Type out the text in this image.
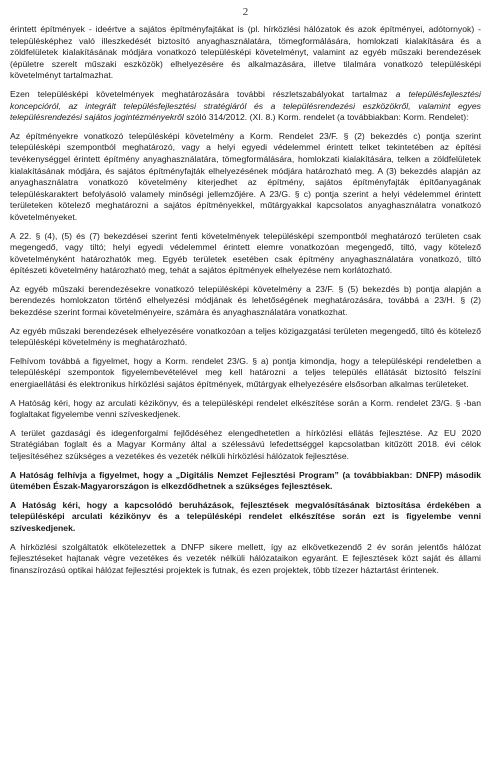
2

érintett építmények - ideértve a sajátos építményfajtákat is (pl. hírközlési hálózatok és azok építményei, adótornyok) - településképhez való illeszkedését biztosító anyaghasználatára, tömegformálására, homlokzati kialakítására és a zöldfelületek kialakításának módjára vonatkozó településképi követelményt, valamint az egyéb műszaki berendezések (épületre szerelt műszaki eszközök) elhelyezésére és alkalmazására, illetve tilalmára vonatkozó településképi követelményt tartalmazhat.

Ezen településképi követelmények meghatározására további részletszabályokat tartalmaz a településfejlesztési koncepcióról, az integrált településfejlesztési stratégiáról és a településrendezési eszközökről, valamint egyes településrendezési sajátos jogintézményekről szóló 314/2012. (XI. 8.) Korm. rendelet (a továbbiakban: Korm. Rendelet):

Az építményekre vonatkozó településképi követelmény a Korm. Rendelet 23/F. § (2) bekezdés c) pontja szerint településképi szempontból meghatározó, vagy a helyi egyedi védelemmel érintett telket tekintetében az építési tevékenységgel érintett építmény anyaghasználatára, tömegformálására, homlokzati kialakítására, telken a zöldfelületek kialakításának módjára, és sajátos építményfajták elhelyezésének módjára határozható meg. A (3) bekezdés alapján az anyaghasználatra vonatkozó követelmény kiterjedhet az építmény, sajátos építményfajták építőanyagának településkaraktert befolyásoló valamely minőségi jellemzőjére. A 23/G. § c) pontja szerint a helyi védelemmel érintett területeken kötelező meghatározni a sajátos építményekkel, műtárgyakkal kapcsolatos anyaghasználatra vonatkozó követelményeket.

A 22. § (4), (5) és (7) bekezdései szerint fenti követelmények településképi szempontból meghatározó területen csak megengedő, vagy tiltó; helyi egyedi védelemmel érintett elemre vonatkozóan megengedő, tiltó, vagy kötelező követelményként határozhatók meg. Egyéb területek esetében csak építmény anyaghasználatára vonatkozó, tiltó építészeti követelmény határozható meg, tehát a sajátos építmények elhelyezése nem korlátozható.

Az egyéb műszaki berendezésekre vonatkozó településképi követelmény a 23/F. § (5) bekezdés b) pontja alapján a berendezés homlokzaton történő elhelyezési módjának és lehetőségének meghatározására, továbbá a 23/H. § (2) bekezdése szerint formai követelményeire, számára és anyaghasználatára vonatkozhat.

Az egyéb műszaki berendezések elhelyezésére vonatkozóan a teljes közigazgatási területen megengedő, tiltó és kötelező településképi követelmény is meghatározható.

Felhívom továbbá a figyelmet, hogy a Korm. rendelet 23/G. § a) pontja kimondja, hogy a településképi rendeletben a településképi szempontok figyelembevételével meg kell határozni a teljes település ellátását biztosító felszíni energiaellátási és elektronikus hírközlési sajátos építmények, műtárgyak elhelyezésére elsősorban alkalmas területeket.

A Hatóság kéri, hogy az arculati kézikönyv, és a településképi rendelet elkészítése során a Korm. rendelet 23/G. § -ban foglaltakat figyelembe venni szíveskedjenek.

A terület gazdasági és idegenforgalmi fejlődéséhez elengedhetetlen a hírközlési ellátás fejlesztése. Az EU 2020 Stratégiában foglalt és a Magyar Kormány által a szélessávú lefedettséggel kapcsolatban kitűzött 2018. évi célok teljesítéséhez szükséges a vezetékes és vezeték nélküli hírközlési hálózatok fejlesztése.

A Hatóság felhívja a figyelmet, hogy a „Digitális Nemzet Fejlesztési Program” (a továbbiakban: DNFP) második ütemében Észak-Magyarországon is elkezdődhetnek a szükséges fejlesztések.

A Hatóság kéri, hogy a kapcsolódó beruházások, fejlesztések megvalósításának biztosítása érdekében a településképi arculati kézikönyv és a településképi rendelet elkészítése során ezt is figyelembe venni szíveskedjenek.

A hírközlési szolgáltatók elkötelezettek a DNFP sikere mellett, így az elkövetkezendő 2 év során jelentős hálózat fejlesztéseket hajtanak végre vezetékes és vezeték nélküli hálózataikon egyaránt. E fejlesztések közt saját és állami finanszírozású optikai hálózat fejlesztési projektek is futnak, és ezen projektek, több tízezer háztartást érintenek.
